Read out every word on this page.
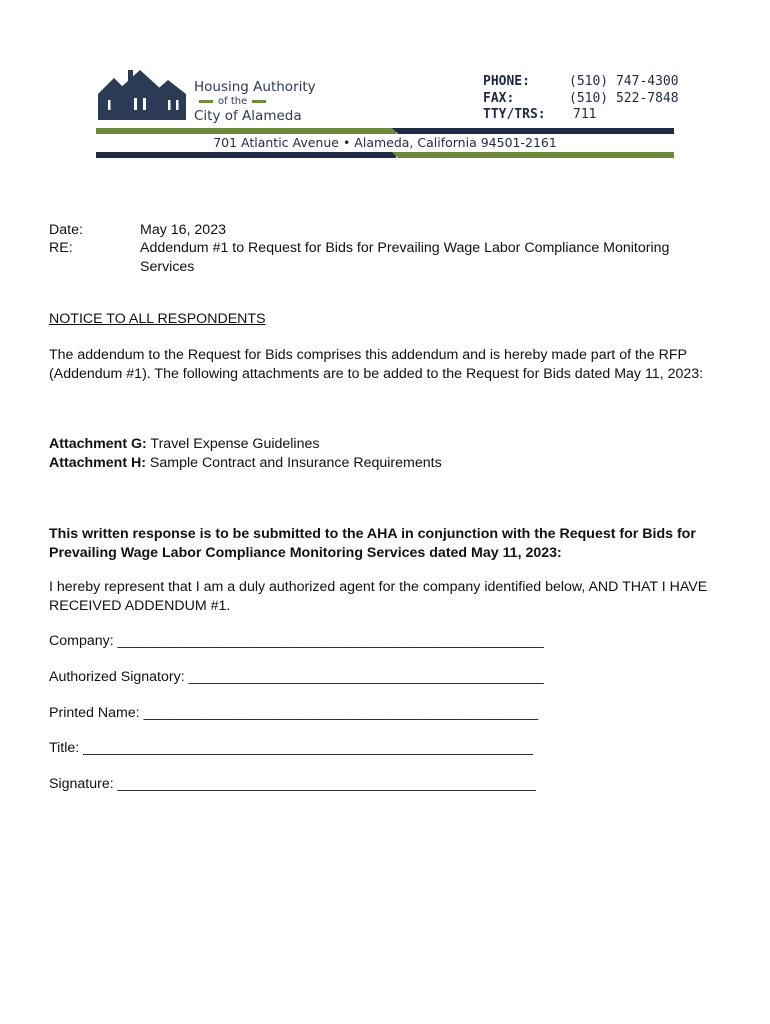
Housing Authority
of the
City of Alameda
PHONE:	(510) 747-4300
FAX:	(510) 522-7848
TTY/TRS:	711
701 Atlantic Avenue • Alameda, California 94501-2161
Date:	May 16, 2023
RE:	Addendum #1 to Request for Bids for Prevailing Wage Labor Compliance Monitoring Services
NOTICE TO ALL RESPONDENTS
The addendum to the Request for Bids comprises this addendum and is hereby made part of the RFP (Addendum #1). The following attachments are to be added to the Request for Bids dated May 11, 2023:
Attachment G: Travel Expense Guidelines
Attachment H: Sample Contract and Insurance Requirements
This written response is to be submitted to the AHA in conjunction with the Request for Bids for Prevailing Wage Labor Compliance Monitoring Services dated May 11, 2023:
I hereby represent that I am a duly authorized agent for the company identified below, AND THAT I HAVE RECEIVED ADDENDUM #1.
Company: ______________________________________________________
Authorized Signatory: _____________________________________________
Printed Name: __________________________________________________
Title: _________________________________________________________
Signature: _____________________________________________________
